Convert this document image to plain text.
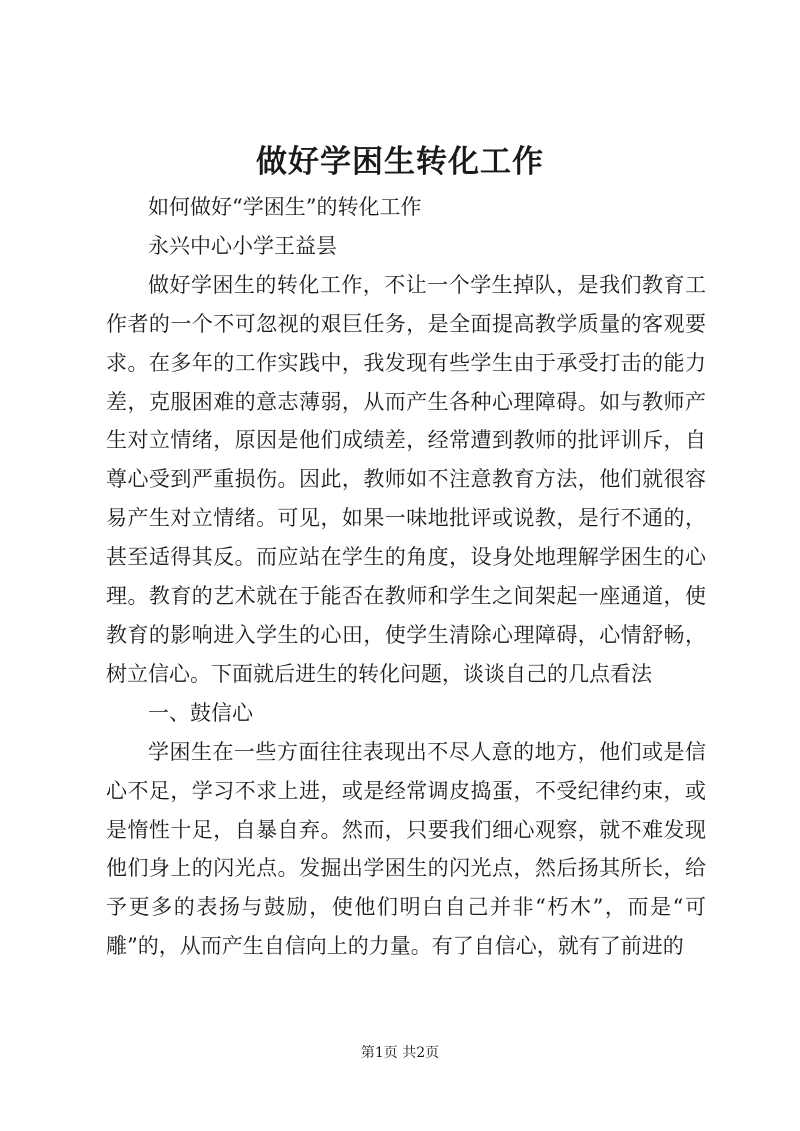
做好学困生转化工作

如何做好“学困生”的转化工作

永兴中心小学王益昙

做好学困生的转化工作，不让一个学生掉队，是我们教育工作者的一个不可忽视的艰巨任务，是全面提高教学质量的客观要求。在多年的工作实践中，我发现有些学生由于承受打击的能力差，克服困难的意志薄弱，从而产生各种心理障碍。如与教师产生对立情绪，原因是他们成绩差，经常遭到教师的批评训斥，自尊心受到严重损伤。因此，教师如不注意教育方法，他们就很容易产生对立情绪。可见，如果一味地批评或说教，是行不通的，甚至适得其反。而应站在学生的角度，设身处地理解学困生的心理。教育的艺术就在于能否在教师和学生之间架起一座通道，使教育的影响进入学生的心田，使学生清除心理障碍，心情舒畅，树立信心。下面就后进生的转化问题，谈谈自己的几点看法

一、鼓信心

学困生在一些方面往往表现出不尽人意的地方，他们或是信心不足，学习不求上进，或是经常调皮捣蛋，不受纪律约束，或是惰性十足，自暴自弃。然而，只要我们细心观察，就不难发现他们身上的闪光点。发掘出学困生的闪光点，然后扬其所长，给予更多的表扬与鼓励，使他们明白自己并非“朽木”，而是“可雕”的，从而产生自信向上的力量。有了自信心，就有了前进的

第1页 共2页
